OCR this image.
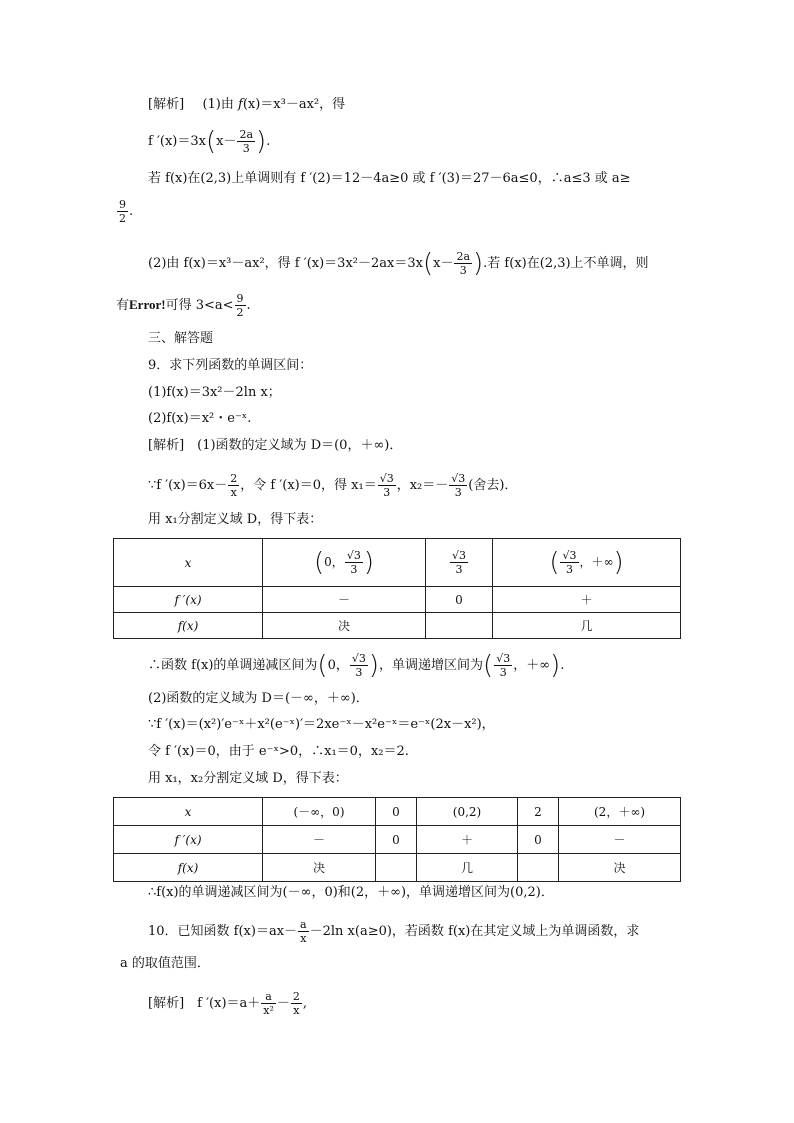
[解析] (1)由 f(x)＝x³－ax²，得
f $'(x)=3x(x- \frac{2a}{3}$ ).
若 f(x)在(2,3)上单调则有 f ′(2)＝12－4a≥0 或 f ′(3)＝27－6a≤0，∴a≤3 或 a≥
$\frac{9}{2}$ .
(2)由 f(x)＝x³－ax²，得 f $'(x)=3x^2-2ax=3x(x- \frac{2a}{3}$ ).若 f(x)在(2,3)上不单调，则
有Error!可得 $3<a< \frac{9}{2}$ .
三、解答题
9．求下列函数的单调区间：
(1)f(x)＝3x²－2ln x；
(2)f(x)＝x²・e⁻ˣ.
[解析]　(1)函数的定义域为 D＝(0，＋∞)．
∵f $'(x)=6x- \frac{2}{x}$ ，令 f ′(x)＝0，得 $x_1= \frac{√3}{3}$ ，$x_2=- \frac{√3}{3}$ (舍去)．
用 x₁分割定义域 D，得下表：
x	(0， $\frac{√3}{3}$ )	$\frac{√3}{3}$	( $\frac{√3}{3}$ ，＋∞)
f ′(x)	－	0	＋
f(x)	决		几
∴函数 f(x)的单调递减区间为(0， $\frac{√3}{3}$ )，单调递增区间为( $\frac{√3}{3}$ ，＋∞).
(2)函数的定义域为 D＝(－∞，＋∞)．
∵f ′(x)＝(x²)′e⁻ˣ＋x²(e⁻ˣ)′＝2xe⁻ˣ－x²e⁻ˣ＝e⁻ˣ(2x－x²)，
令 f ′(x)＝0，由于 e⁻ˣ>0，∴x₁＝0，x₂＝2.
用 x₁，x₂分割定义域 D，得下表：
x	(－∞，0)	0	(0,2)	2	(2，＋∞)
f ′(x)	－	0	＋	0	－
f(x)	决		几		决
∴f(x)的单调递减区间为(－∞，0)和(2，＋∞)，单调递增区间为(0,2)．
10．已知函数 $f(x)=ax- \frac{a}{x} -2\ln$ x(a≥0)，若函数 f(x)在其定义域上为单调函数，求
a 的取值范围．
[解析]　f $'(x)=a+ \frac{a}{\text{x²}} - \frac{2}{x}$ ,
